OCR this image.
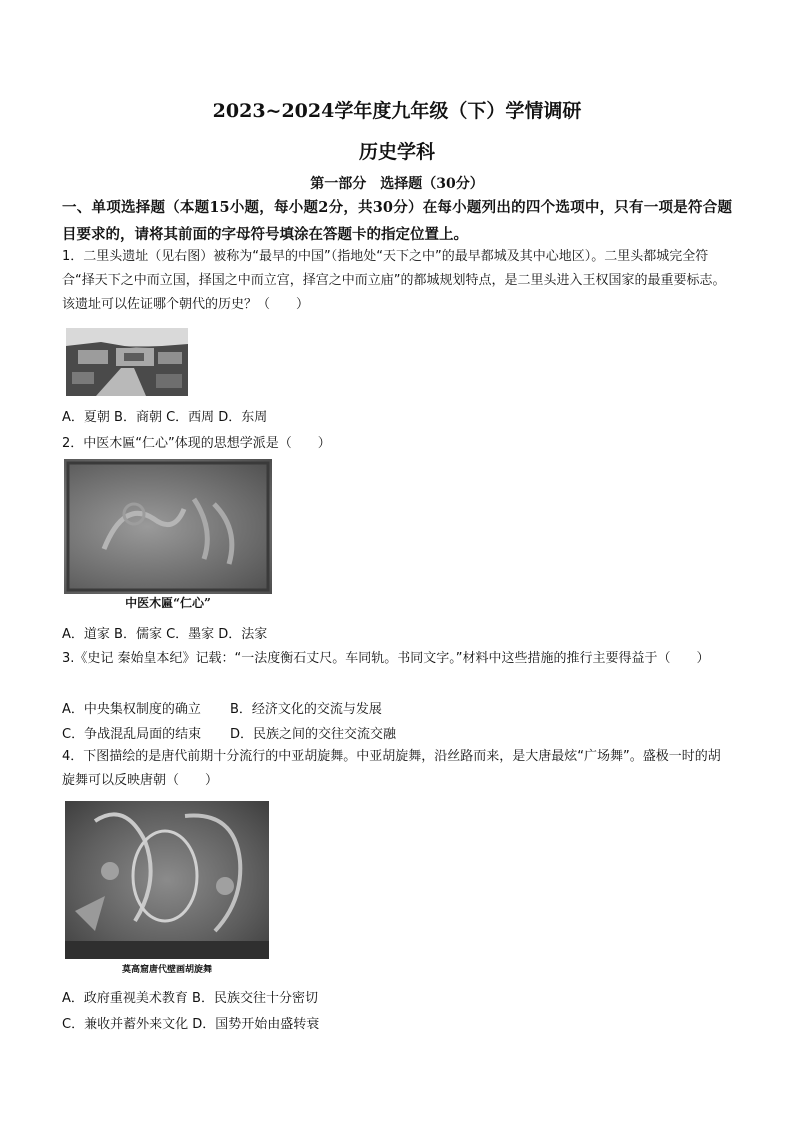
2023~2024学年度九年级（下）学情调研
历史学科
第一部分　选择题（30分）
一、单项选择题（本题15小题，每小题2分，共30分）在每小题列出的四个选项中，只有一项是符合题目要求的，请将其前面的字母符号填涂在答题卡的指定位置上。
1．二里头遗址（见右图）被称为“最早的中国”（指地处“天下之中”的最早都城及其中心地区）。二里头都城完全符合“择天下之中而立国，择国之中而立宫，择宫之中而立庙”的都城规划特点，是二里头进入王权国家的最重要标志。该遗址可以佐证哪个朝代的历史？（　　）
A．夏朝 B．商朝 C．西周 D．东周
2．中医木匾“仁心”体现的思想学派是（　　）
中医木匾“仁心”
A．道家 B．儒家 C．墨家 D．法家
3.《史记 秦始皇本纪》记载：“一法度衡石丈尺。车同轨。书同文字。”材料中这些措施的推行主要得益于（　　）
A．中央集权制度的确立 B．经济文化的交流与发展
C．争战混乱局面的结束 D．民族之间的交往交流交融
4．下图描绘的是唐代前期十分流行的中亚胡旋舞。中亚胡旋舞，沿丝路而来，是大唐最炫“广场舞”。盛极一时的胡旋舞可以反映唐朝（　　）
莫高窟唐代壁画胡旋舞
A．政府重视美术教育 B．民族交往十分密切
C．兼收并蓄外来文化 D．国势开始由盛转衰
